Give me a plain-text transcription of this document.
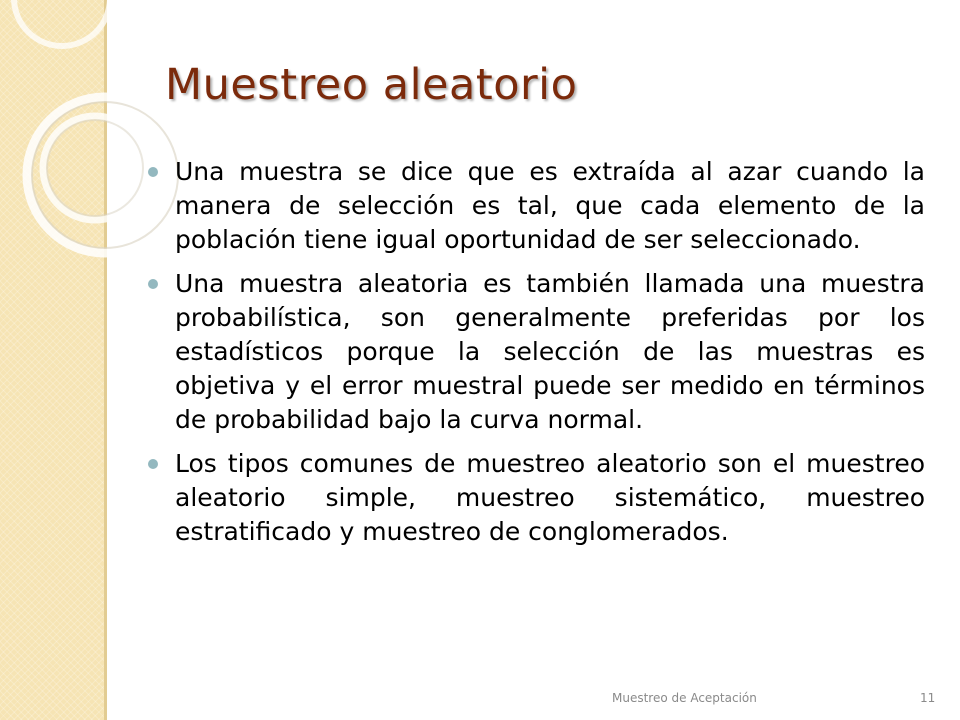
Muestreo aleatorio
Una muestra se dice que es extraída al azar cuando la manera de selección es tal, que cada elemento de la población tiene igual oportunidad de ser seleccionado.
Una muestra aleatoria es también llamada una muestra probabilística, son generalmente preferidas por los estadísticos porque la selección de las muestras es objetiva y el error muestral puede ser medido en términos de probabilidad bajo la curva normal.
Los tipos comunes de muestreo aleatorio son el muestreo aleatorio simple, muestreo sistemático, muestreo estratificado y muestreo de conglomerados.
Muestreo de Aceptación	11
